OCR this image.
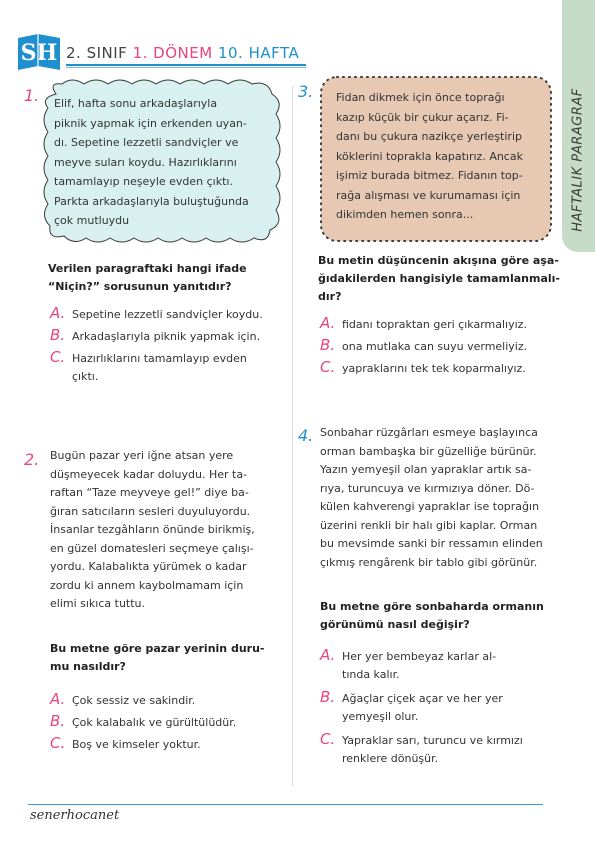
SH 2. SINIF 1. DÖNEM 10. HAFTA
HAFTALIK PARAGRAF
1. Elif, hafta sonu arkadaşlarıyla
piknik yapmak için erkenden uyan-
dı. Sepetine lezzetli sandviçler ve
meyve suları koydu. Hazırlıklarını
tamamlayıp neşeyle evden çıktı.
Parkta arkadaşlarıyla buluştuğunda
çok mutluydu
Verilen paragraftaki hangi ifade
“Niçin?” sorusunun yanıtıdır?
A. Sepetine lezzetli sandviçler koydu.
B. Arkadaşlarıyla piknik yapmak için.
C. Hazırlıklarını tamamlayıp evden
çıktı.
2. Bugün pazar yeri iğne atsan yere
düşmeyecek kadar doluydu. Her ta-
raftan “Taze meyveye gel!” diye ba-
ğıran satıcıların sesleri duyuluyordu.
İnsanlar tezgâhların önünde birikmiş,
en güzel domatesleri seçmeye çalışı-
yordu. Kalabalıkta yürümek o kadar
zordu ki annem kaybolmamam için
elimi sıkıca tuttu.
Bu metne göre pazar yerinin duru-
mu nasıldır?
A. Çok sessiz ve sakindir.
B. Çok kalabalık ve gürültülüdür.
C. Boş ve kimseler yoktur.
3. Fidan dikmek için önce toprağı
kazıp küçük bir çukur açarız. Fi-
danı bu çukura nazikçe yerleştirip
köklerini toprakla kapatırız. Ancak
işimiz burada bitmez. Fidanın top-
rağa alışması ve kurumaması için
dikimden hemen sonra...
Bu metin düşüncenin akışına göre aşa-
ğıdakilerden hangisiyle tamamlanmalı-
dır?
A. fidanı topraktan geri çıkarmalıyız.
B. ona mutlaka can suyu vermeliyiz.
C. yapraklarını tek tek koparmalıyız.
4. Sonbahar rüzgârları esmeye başlayınca
orman bambaşka bir güzelliğe bürünür.
Yazın yemyeşil olan yapraklar artık sa-
rıya, turuncuya ve kırmızıya döner. Dö-
külen kahverengi yapraklar ise toprağın
üzerini renkli bir halı gibi kaplar. Orman
bu mevsimde sanki bir ressamın elinden
çıkmış rengârenk bir tablo gibi görünür.
Bu metne göre sonbaharda ormanın
görünümü nasıl değişir?
A. Her yer bembeyaz karlar al-
tında kalır.
B. Ağaçlar çiçek açar ve her yer
yemyeşil olur.
C. Yapraklar sarı, turuncu ve kırmızı
renklere dönüşür.
senerhocanet
